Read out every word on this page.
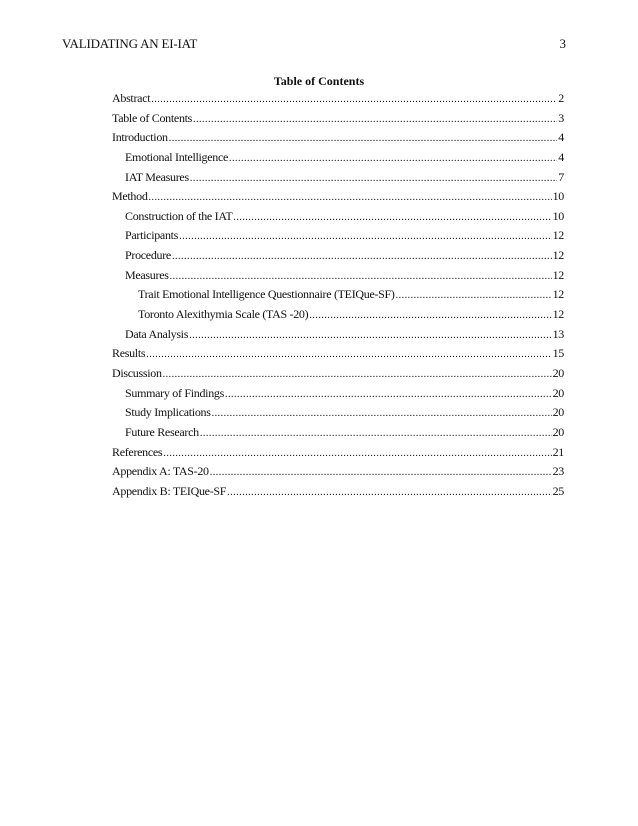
VALIDATING AN EI-IAT	3
Table of Contents
Abstract .....	2
Table of Contents .....	3
Introduction .....	4
Emotional Intelligence .....	4
IAT Measures .....	7
Method .....	10
Construction of the IAT .....	10
Participants .....	12
Procedure .....	12
Measures .....	12
Trait Emotional Intelligence Questionnaire (TEIQue-SF) .....	12
Toronto Alexithymia Scale (TAS -20) .....	12
Data Analysis .....	13
Results .....	15
Discussion .....	20
Summary of Findings .....	20
Study Implications .....	20
Future Research .....	20
References .....	21
Appendix A: TAS-20 .....	23
Appendix B: TEIQue-SF .....	25
